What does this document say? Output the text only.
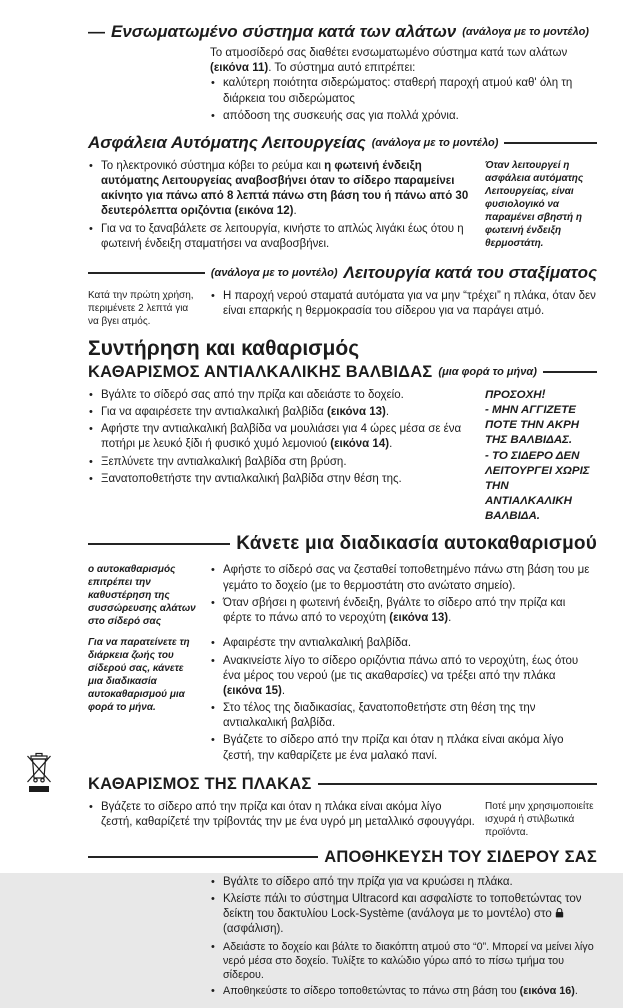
— Ενσωματωμένο σύστημα κατά των αλάτων (ανάλογα με το μοντέλο)

Το ατμοσίδερό σας διαθέτει ενσωματωμένο σύστημα κατά των αλάτων (εικόνα 11). Το σύστημα αυτό επιτρέπει:

• καλύτερη ποιότητα σιδερώματος: σταθερή παροχή ατμού καθ' όλη τη διάρκεια του σιδερώματος
• απόδοση της συσκευής σας για πολλά χρόνια.
Ασφάλεια Αυτόματης Λειτουργείας (ανάλογα με το μοντέλο)
• Το ηλεκτρονικό σύστημα κόβει το ρεύμα και η φωτεινή ένδειξη αυτόματης Λειτουργείας αναβοσβήνει όταν το σίδερο παραμείνει ακίνητο για πάνω από 8 λεπτά πάνω στη βάση του ή πάνω από 30 δευτερόλεπτα οριζόντια (εικόνα 12).
• Για να το ξαναβάλετε σε λειτουργία, κινήστε το απλώς λιγάκι έως ότου η φωτεινή ένδειξη σταματήσει να αναβοσβήνει.
Όταν λειτουργεί η ασφάλεια αυτόματης Λειτουργείας, είναι φυσιολογικό να παραμένει σβηστή η φωτεινή ένδειξη θερμοστάτη.
(ανάλογα με το μοντέλο) Λειτουργία κατά του σταξίματος
Κατά την πρώτη χρήση, περιμένετε 2 λεπτά για να βγει ατμός.
• Η παροχή νερού σταματά αυτόματα για να μην “τρέχει” η πλάκα, όταν δεν είναι επαρκής η θερμοκρασία του σίδερου για να παράγει ατμό.
Συντήρηση και καθαρισμός
ΚΑΘΑΡΙΣΜΟΣ ΑΝΤΙΑΛΚΑΛΙΚΗΣ ΒΑΛΒΙΔΑΣ (μια φορά το μήνα)
• Βγάλτε το σίδερό σας από την πρίζα και αδειάστε το δοχείο.
• Για να αφαιρέσετε την αντιαλκαλική βαλβίδα (εικόνα 13).
• Αφήστε την αντιαλκαλική βαλβίδα να μουλιάσει για 4 ώρες μέσα σε ένα ποτήρι με λευκό ξίδι ή φυσικό χυμό λεμονιού (εικόνα 14).
• Ξεπλύνετε την αντιαλκαλική βαλβίδα στη βρύση.
• Ξανατοποθετήστε την αντιαλκαλική βαλβίδα στην θέση της.

ΠΡΟΣΟΧΗ!

- ΜΗΝ ΑΓΓΙΖΕΤΕ ΠΟΤΕ ΤΗΝ ΑΚΡΗ ΤΗΣ ΒΑΛΒΙΔΑΣ.

- ΤΟ ΣΙΔΕΡΟ ΔΕΝ ΛΕΙΤΟΥΡΓΕΙ ΧΩΡΙΣ ΤΗΝ ΑΝΤΙΑΛΚΑΛΙΚΗ ΒΑΛΒΙΔΑ.

Κάνετε μια διαδικασία αυτοκαθαρισμού
ο αυτοκαθαρισμός επιτρέπει την καθυστέρηση της συσσώρευσης αλάτων στο σίδερό σας
• Αφήστε το σίδερό σας να ζεσταθεί τοποθετημένο πάνω στη βάση του με γεμάτο το δοχείο (με το θερμοστάτη στο ανώτατο σημείο).
• Όταν σβήσει η φωτεινή ένδειξη, βγάλτε το σίδερο από την πρίζα και φέρτε το πάνω από το νεροχύτη (εικόνα 13).
Για να παρατείνετε τη διάρκεια ζωής του σίδερού σας, κάνετε μια διαδικασία αυτοκαθαρισμού μια φορά το μήνα.
• Αφαιρέστε την αντιαλκαλική βαλβίδα.
• Ανακινείστε λίγο το σίδερο οριζόντια πάνω από το νεροχύτη, έως ότου ένα μέρος του νερού (με τις ακαθαρσίες) να τρέξει από την πλάκα (εικόνα 15).
• Στο τέλος της διαδικασίας, ξανατοποθετήστε στη θέση της την αντιαλκαλική βαλβίδα.
• Βγάζετε το σίδερο από την πρίζα και όταν η πλάκα είναι ακόμα λίγο ζεστή, την καθαρίζετε με ένα μαλακό πανί.
ΚΑΘΑΡΙΣΜΟΣ ΤΗΣ ΠΛΑΚΑΣ
• Βγάζετε το σίδερο από την πρίζα και όταν η πλάκα είναι ακόμα λίγο ζεστή, καθαρίζετέ την τρίβοντάς την με ένα υγρό μη μεταλλικό σφουγγάρι.
Ποτέ μην χρησιμοποιείτε ισχυρά ή στιλβωτικά προϊόντα.
ΑΠΟΘΗΚΕΥΣΗ ΤΟΥ ΣΙΔΕΡΟΥ ΣΑΣ
• Βγάλτε το σίδερο από την πρίζα για να κρυώσει η πλάκα.
• Κλείστε πάλι το σύστημα Ultracord και ασφαλίστε το τοποθετώντας τον δείκτη του δακτυλίου Lock-Système (ανάλογα με το μοντέλο) στο  (ασφάλιση).
• Αδειάστε το δοχείο και βάλτε το διακόπτη ατμού στο “0”. Μπορεί να μείνει λίγο νερό μέσα στο δοχείο. Τυλίξτε το καλώδιο γύρω από το πίσω τμήμα του σίδερου.
• Αποθηκεύστε το σίδερο τοποθετώντας το πάνω στη βάση του (εικόνα 16).
